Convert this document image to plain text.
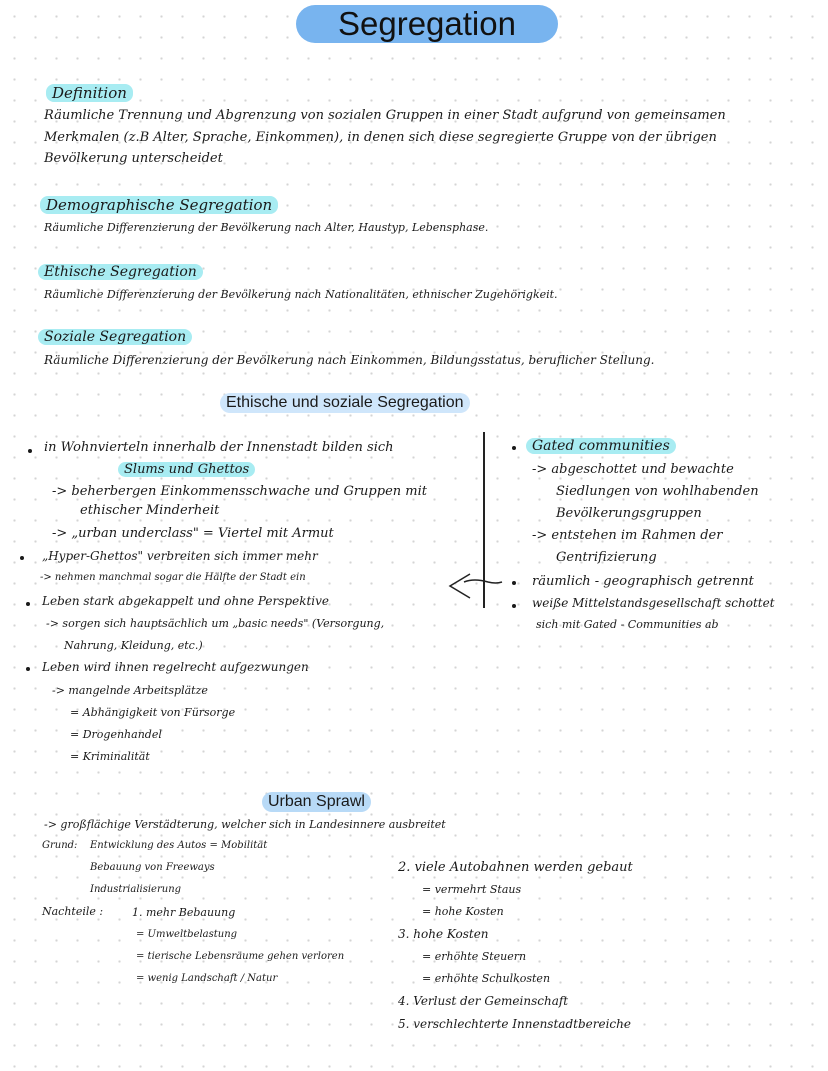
Segregation
Definition
Räumliche Trennung und Abgrenzung von sozialen Gruppen in einer Stadt aufgrund von gemeinsamen
Merkmalen (z.B Alter, Sprache, Einkommen), in denen sich diese segregierte Gruppe von der übrigen
Bevölkerung unterscheidet
Demographische Segregation
Räumliche Differenzierung der Bevölkerung nach Alter, Haustyp, Lebensphase.
Ethische Segregation
Räumliche Differenzierung der Bevölkerung nach Nationalitäten, ethnischer Zugehörigkeit.
Soziale Segregation
Räumliche Differenzierung der Bevölkerung nach Einkommen, Bildungsstatus, beruflicher Stellung.
Ethische und soziale Segregation
in Wohnvierteln innerhalb der Innenstadt bilden sich
Slums und Ghettos
-> beherbergen Einkommensschwache und Gruppen mit
ethischer Minderheit
-> „urban underclass" = Viertel mit Armut
„Hyper-Ghettos" verbreiten sich immer mehr
-> nehmen manchmal sogar die Hälfte der Stadt ein
Leben stark abgekappelt und ohne Perspektive
-> sorgen sich hauptsächlich um „basic needs" (Versorgung,
Nahrung, Kleidung, etc.)
Leben wird ihnen regelrecht aufgezwungen
-> mangelnde Arbeitsplätze
= Abhängigkeit von Fürsorge
= Drogenhandel
= Kriminalität
Gated communities
-> abgeschottet und bewachte
Siedlungen von wohlhabenden
Bevölkerungsgruppen
-> entstehen im Rahmen der
Gentrifizierung
räumlich - geographisch getrennt
weiße Mittelstandsgesellschaft schottet
sich mit Gated - Communities ab
Urban Sprawl
-> großflächige Verstädterung, welcher sich in Landesinnere ausbreitet
Grund: Entwicklung des Autos = Mobilität
Bebauung von Freeways
Industrialisierung
Nachteile :	1. mehr Bebauung
= Umweltbelastung
= tierische Lebensräume gehen verloren
= wenig Landschaft / Natur
2. viele Autobahnen werden gebaut
= vermehrt Staus
= hohe Kosten
3. hohe Kosten
= erhöhte Steuern
= erhöhte Schulkosten
4. Verlust der Gemeinschaft
5. verschlechterte Innenstadtbereiche
